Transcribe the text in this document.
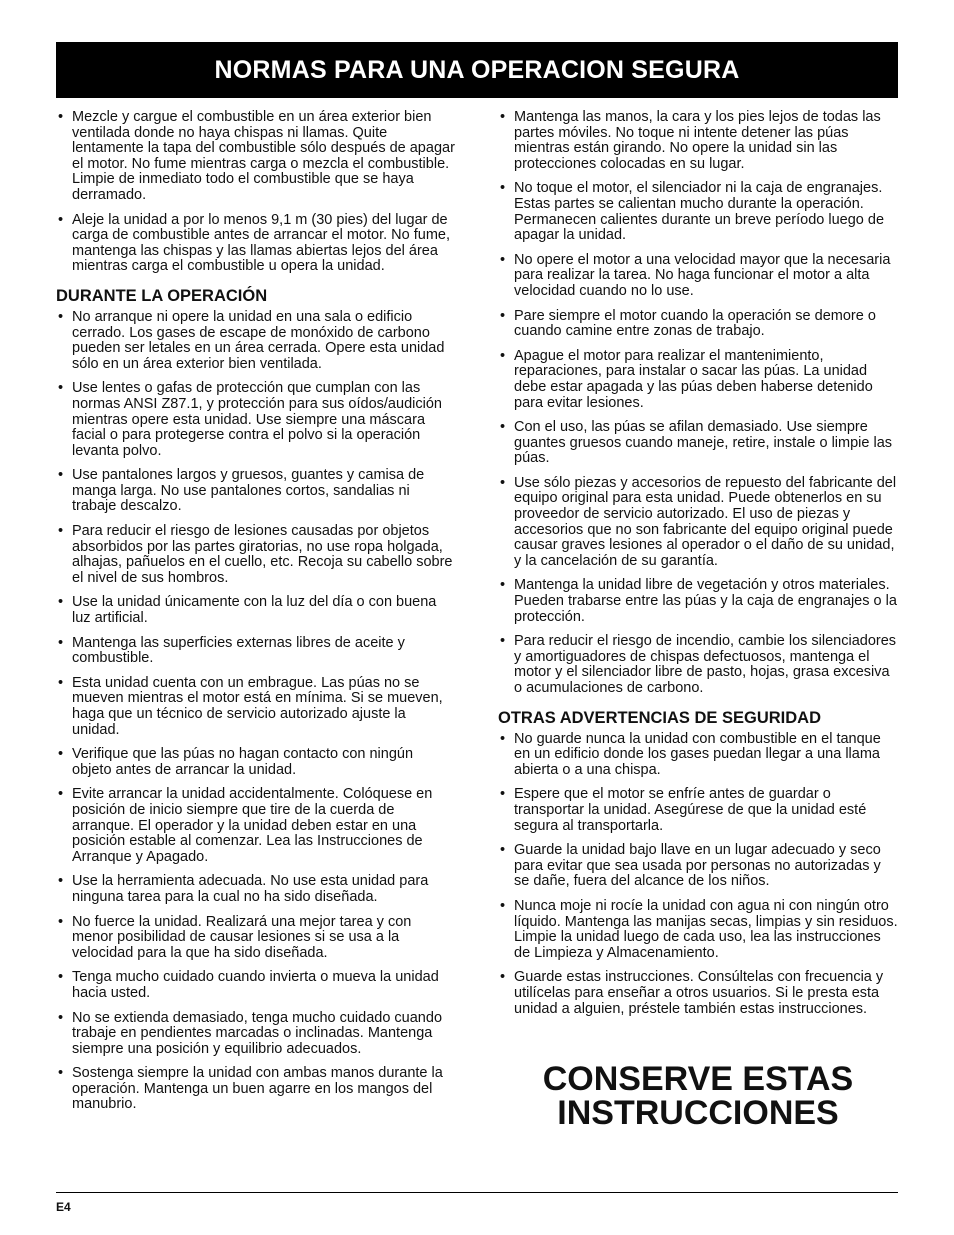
NORMAS PARA UNA OPERACION SEGURA
• Mezcle y cargue el combustible en un área exterior bien ventilada donde no haya chispas ni llamas. Quite lentamente la tapa del combustible sólo después de apagar el motor. No fume mientras carga o mezcla el combustible. Limpie de inmediato todo el combustible que se haya derramado.
• Aleje la unidad a por lo menos 9,1 m (30 pies) del lugar de carga de combustible antes de arrancar el motor. No fume, mantenga las chispas y las llamas abiertas lejos del área mientras carga el combustible u opera la unidad.
DURANTE LA OPERACIÓN
• No arranque ni opere la unidad en una sala o edificio cerrado. Los gases de escape de monóxido de carbono pueden ser letales en un área cerrada. Opere esta unidad sólo en un área exterior bien ventilada.
• Use lentes o gafas de protección que cumplan con las normas ANSI Z87.1, y protección para sus oídos/audición mientras opere esta unidad. Use siempre una máscara facial o para protegerse contra el polvo si la operación levanta polvo.
• Use pantalones largos y gruesos, guantes y camisa de manga larga. No use pantalones cortos, sandalias ni trabaje descalzo.
• Para reducir el riesgo de lesiones causadas por objetos absorbidos por las partes giratorias, no use ropa holgada, alhajas, pañuelos en el cuello, etc. Recoja su cabello sobre el nivel de sus hombros.
• Use la unidad únicamente con la luz del día o con buena luz artificial.
• Mantenga las superficies externas libres de aceite y combustible.
• Esta unidad cuenta con un embrague. Las púas no se mueven mientras el motor está en mínima. Si se mueven, haga que un técnico de servicio autorizado ajuste la unidad.
• Verifique que las púas no hagan contacto con ningún objeto antes de arrancar la unidad.
• Evite arrancar la unidad accidentalmente. Colóquese en posición de inicio siempre que tire de la cuerda de arranque. El operador y la unidad deben estar en una posición estable al comenzar. Lea las Instrucciones de Arranque y Apagado.
• Use la herramienta adecuada. No use esta unidad para ninguna tarea para la cual no ha sido diseñada.
• No fuerce la unidad. Realizará una mejor tarea y con menor posibilidad de causar lesiones si se usa a la velocidad para la que ha sido diseñada.
• Tenga mucho cuidado cuando invierta o mueva la unidad hacia usted.
• No se extienda demasiado, tenga mucho cuidado cuando trabaje en pendientes marcadas o inclinadas. Mantenga siempre una posición y equilibrio adecuados.
• Sostenga siempre la unidad con ambas manos durante la operación. Mantenga un buen agarre en los mangos del manubrio.
• Mantenga las manos, la cara y los pies lejos de todas las partes móviles. No toque ni intente detener las púas mientras están girando. No opere la unidad sin las protecciones colocadas en su lugar.
• No toque el motor, el silenciador ni la caja de engranajes. Estas partes se calientan mucho durante la operación. Permanecen calientes durante un breve período luego de apagar la unidad.
• No opere el motor a una velocidad mayor que la necesaria para realizar la tarea. No haga funcionar el motor a alta velocidad cuando no lo use.
• Pare siempre el motor cuando la operación se demore o cuando camine entre zonas de trabajo.
• Apague el motor para realizar el mantenimiento, reparaciones, para instalar o sacar las púas. La unidad debe estar apagada y las púas deben haberse detenido para evitar lesiones.
• Con el uso, las púas se afilan demasiado. Use siempre guantes gruesos cuando maneje, retire, instale o limpie las púas.
• Use sólo piezas y accesorios de repuesto del fabricante del equipo original para esta unidad. Puede obtenerlos en su proveedor de servicio autorizado. El uso de piezas y accesorios que no son fabricante del equipo original puede causar graves lesiones al operador o el daño de su unidad, y la cancelación de su garantía.
• Mantenga la unidad libre de vegetación y otros materiales. Pueden trabarse entre las púas y la caja de engranajes o la protección.
• Para reducir el riesgo de incendio, cambie los silenciadores y amortiguadores de chispas defectuosos, mantenga el motor y el silenciador libre de pasto, hojas, grasa excesiva o acumulaciones de carbono.
OTRAS ADVERTENCIAS DE SEGURIDAD
• No guarde nunca la unidad con combustible en el tanque en un edificio donde los gases puedan llegar a una llama abierta o a una chispa.
• Espere que el motor se enfríe antes de guardar o transportar la unidad. Asegúrese de que la unidad esté segura al transportarla.
• Guarde la unidad bajo llave en un lugar adecuado y seco para evitar que sea usada por personas no autorizadas y se dañe, fuera del alcance de los niños.
• Nunca moje ni rocíe la unidad con agua ni con ningún otro líquido. Mantenga las manijas secas, limpias y sin residuos. Limpie la unidad luego de cada uso, lea las instrucciones de Limpieza y Almacenamiento.
• Guarde estas instrucciones. Consúltelas con frecuencia y utilícelas para enseñar a otros usuarios. Si le presta esta unidad a alguien, préstele también estas instrucciones.
CONSERVE ESTAS
INSTRUCCIONES
E4
